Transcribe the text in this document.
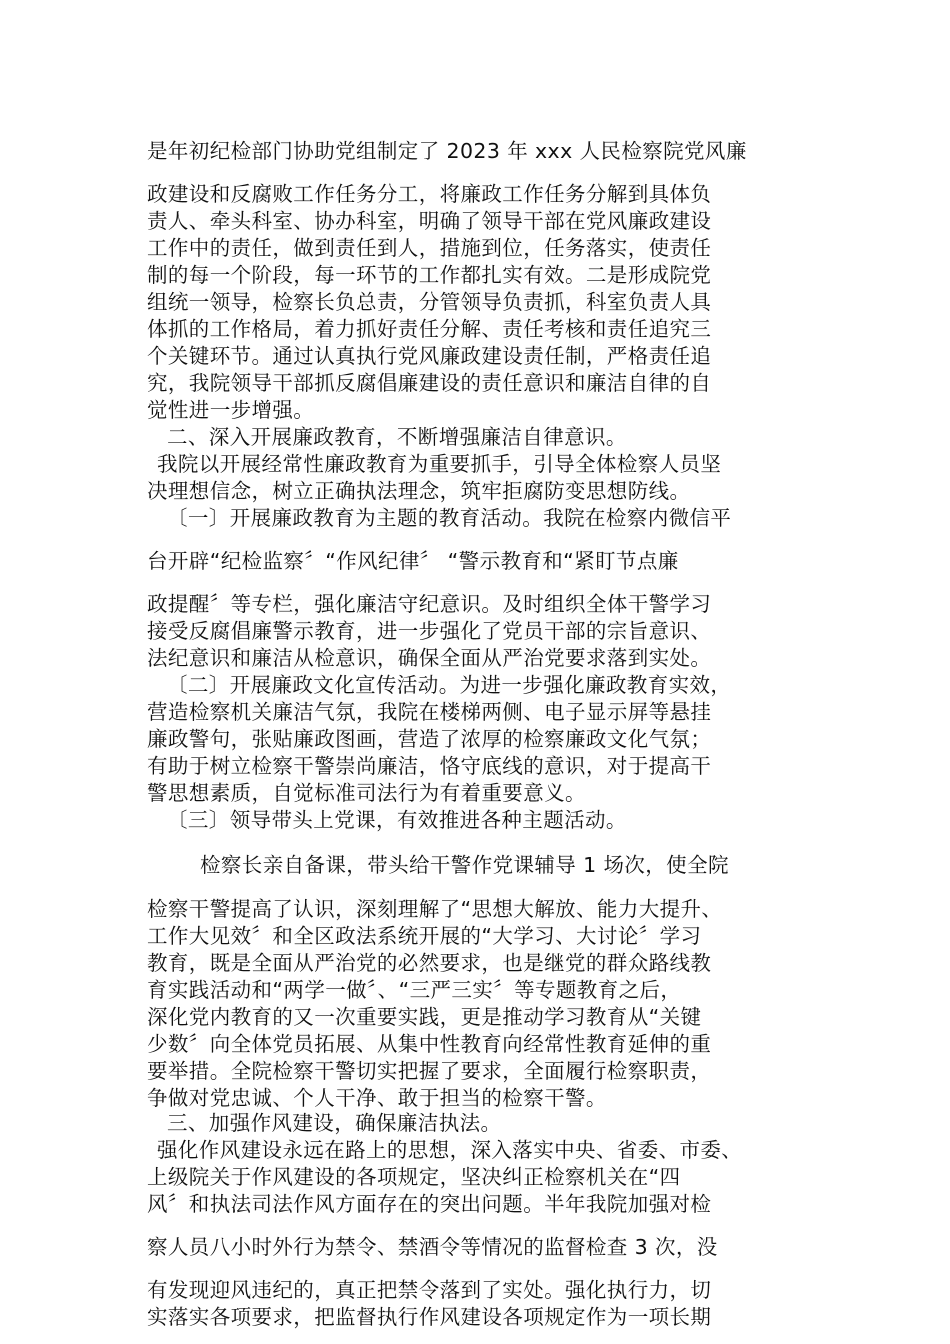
是年初纪检部门协助党组制定了 2023 年 xxx 人民检察院党风廉
政建设和反腐败工作任务分工，将廉政工作任务分解到具体负
责人、牵头科室、协办科室，明确了领导干部在党风廉政建设
工作中的责任，做到责任到人，措施到位，任务落实，使责任
制的每一个阶段，每一环节的工作都扎实有效。二是形成院党
组统一领导，检察长负总责，分管领导负责抓，科室负责人具
体抓的工作格局，着力抓好责任分解、责任考核和责任追究三
个关键环节。通过认真执行党风廉政建设责任制，严格责任追
究，我院领导干部抓反腐倡廉建设的责任意识和廉洁自律的自
觉性进一步增强。
二、深入开展廉政教育，不断增强廉洁自律意识。
我院以开展经常性廉政教育为重要抓手，引导全体检察人员坚
决理想信念，树立正确执法理念，筑牢拒腐防变思想防线。
〔一〕开展廉政教育为主题的教育活动。我院在检察内微信平
台开辟“纪检监察〞“作风纪律〞 “警示教育和“紧盯节点廉
政提醒〞等专栏，强化廉洁守纪意识。及时组织全体干警学习
接受反腐倡廉警示教育，进一步强化了党员干部的宗旨意识、
法纪意识和廉洁从检意识，确保全面从严治党要求落到实处。
〔二〕开展廉政文化宣传活动。为进一步强化廉政教育实效，
营造检察机关廉洁气氛，我院在楼梯两侧、电子显示屏等悬挂
廉政警句，张贴廉政图画，营造了浓厚的检察廉政文化气氛；
有助于树立检察干警崇尚廉洁，恪守底线的意识，对于提高干
警思想素质，自觉标准司法行为有着重要意义。
〔三〕领导带头上党课，有效推进各种主题活动。
检察长亲自备课，带头给干警作党课辅导 1 场次，使全院
检察干警提高了认识，深刻理解了“思想大解放、能力大提升、
工作大见效〞和全区政法系统开展的“大学习、大讨论〞学习
教育，既是全面从严治党的必然要求，也是继党的群众路线教
育实践活动和“两学一做〞、“三严三实〞等专题教育之后，
深化党内教育的又一次重要实践，更是推动学习教育从“关键
少数〞向全体党员拓展、从集中性教育向经常性教育延伸的重
要举措。全院检察干警切实把握了要求，全面履行检察职责，
争做对党忠诚、个人干净、敢于担当的检察干警。
三、加强作风建设，确保廉洁执法。
强化作风建设永远在路上的思想，深入落实中央、省委、市委、
上级院关于作风建设的各项规定，坚决纠正检察机关在“四
风〞和执法司法作风方面存在的突出问题。半年我院加强对检
察人员八小时外行为禁令、禁酒令等情况的监督检查 3 次，没
有发现迎风违纪的，真正把禁令落到了实处。强化执行力，切
实落实各项要求，把监督执行作风建设各项规定作为一项长期
